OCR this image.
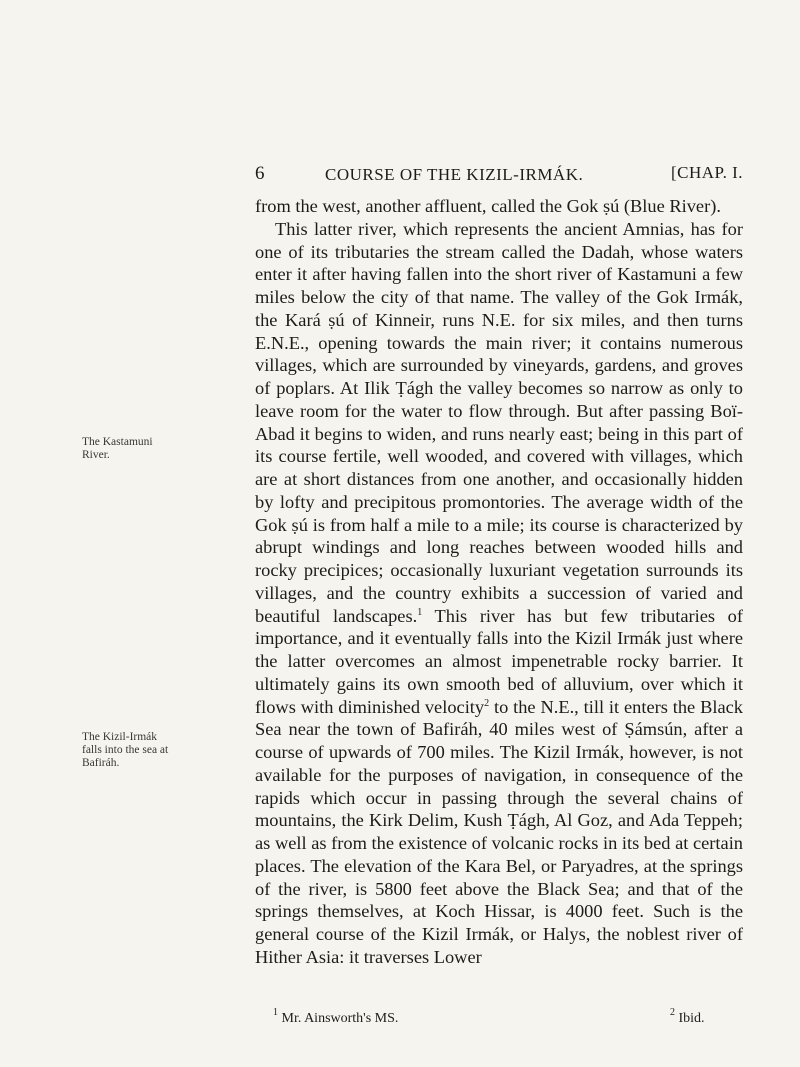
6	COURSE OF THE KIZIL-IRMÁK.	[CHAP. I.
The Kastamuni River.
The Kizil-Irmák falls into the sea at Bafiráh.

from the west, another affluent, called the Gok ṣú (Blue River).

This latter river, which represents the ancient Amnias, has for one of its tributaries the stream called the Dadah, whose waters enter it after having fallen into the short river of Kastamuni a few miles below the city of that name. The valley of the Gok Irmák, the Kará ṣú of Kinneir, runs N.E. for six miles, and then turns E.N.E., opening towards the main river; it contains numerous villages, which are surrounded by vineyards, gardens, and groves of poplars. At Ilik Ṭágh the valley becomes so narrow as only to leave room for the water to flow through. But after passing Boï-Abad it begins to widen, and runs nearly east; being in this part of its course fertile, well wooded, and covered with villages, which are at short distances from one another, and occasionally hidden by lofty and precipitous promontories. The average width of the Gok ṣú is from half a mile to a mile; its course is characterized by abrupt windings and long reaches between wooded hills and rocky precipices; occasionally luxuriant vegetation surrounds its villages, and the country exhibits a succession of varied and beautiful landscapes.$^1$ This river has but few tributaries of importance, and it eventually falls into the Kizil Irmák just where the latter overcomes an almost impenetrable rocky barrier. It ultimately gains its own smooth bed of alluvium, over which it flows with diminished velocity$^2$ to the N.E., till it enters the Black Sea near the town of Bafiráh, 40 miles west of Ṣámsún, after a course of upwards of 700 miles. The Kizil Irmák, however, is not available for the purposes of navigation, in consequence of the rapids which occur in passing through the several chains of mountains, the Kirk Delim, Kush Ṭágh, Al Goz, and Ada Teppeh; as well as from the existence of volcanic rocks in its bed at certain places. The elevation of the Kara Bel, or Paryadres, at the springs of the river, is 5800 feet above the Black Sea; and that of the springs themselves, at Koch Hissar, is 4000 feet. Such is the general course of the Kizil Irmák, or Halys, the noblest river of Hither Asia: it traverses Lower

$^1$ Mr. Ainsworth's MS.	$^2$ Ibid.
